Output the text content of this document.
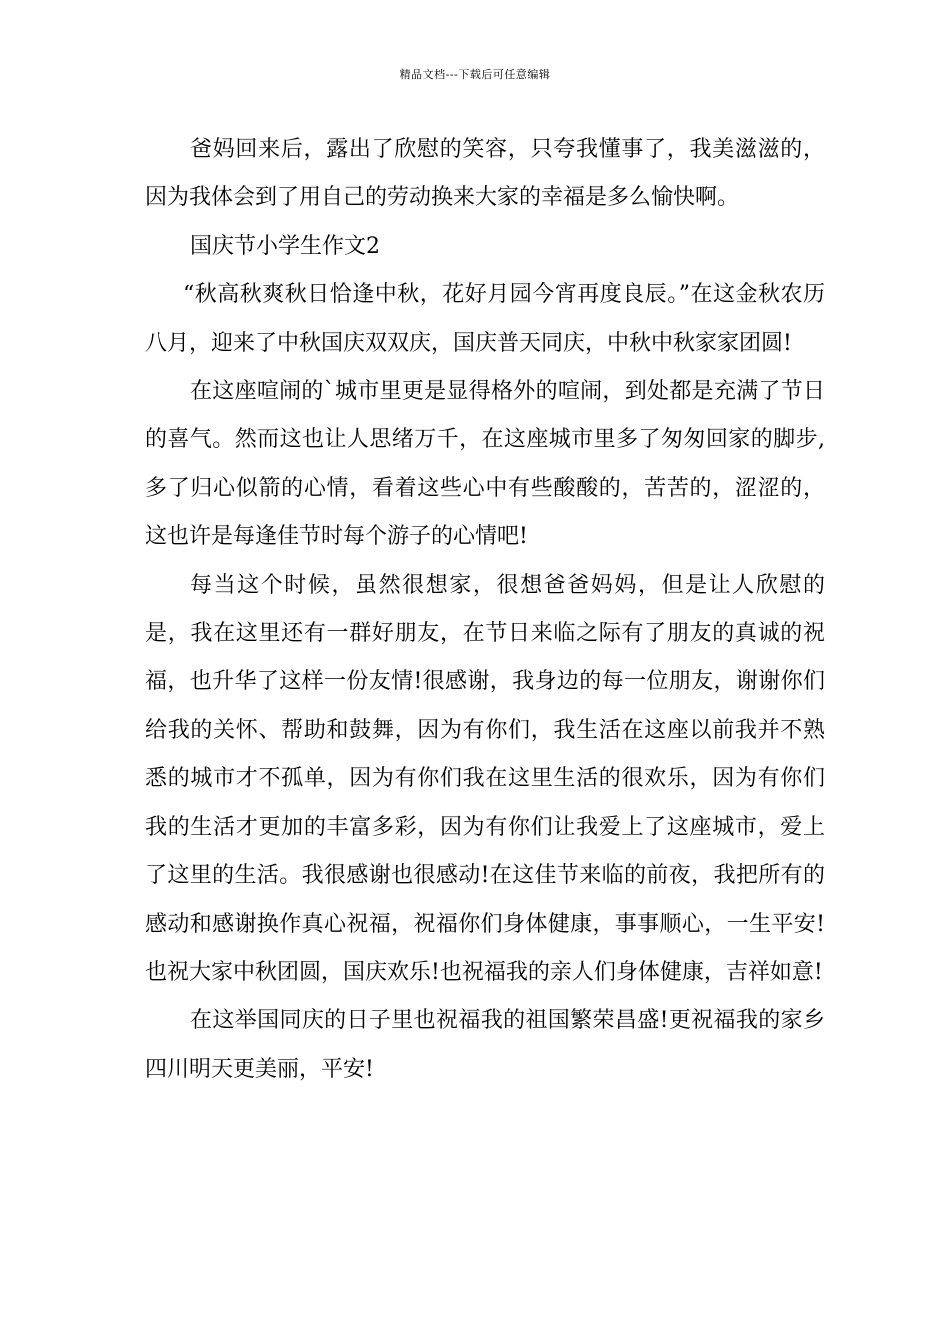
精品文档---下载后可任意编辑

爸妈回来后，露出了欣慰的笑容，只夸我懂事了，我美滋滋的，因为我体会到了用自己的劳动换来大家的幸福是多么愉快啊。

国庆节小学生作文2

“秋高秋爽秋日恰逢中秋，花好月园今宵再度良辰。”在这金秋农历八月，迎来了中秋国庆双双庆，国庆普天同庆，中秋中秋家家团圆!

在这座喧闹的`城市里更是显得格外的喧闹，到处都是充满了节日的喜气。然而这也让人思绪万千，在这座城市里多了匆匆回家的脚步,多了归心似箭的心情，看着这些心中有些酸酸的，苦苦的，涩涩的，这也许是每逢佳节时每个游子的心情吧!

每当这个时候，虽然很想家，很想爸爸妈妈，但是让人欣慰的是，我在这里还有一群好朋友，在节日来临之际有了朋友的真诚的祝福，也升华了这样一份友情!很感谢，我身边的每一位朋友，谢谢你们给我的关怀、帮助和鼓舞，因为有你们，我生活在这座以前我并不熟悉的城市才不孤单，因为有你们我在这里生活的很欢乐，因为有你们我的生活才更加的丰富多彩，因为有你们让我爱上了这座城市，爱上了这里的生活。我很感谢也很感动!在这佳节来临的前夜，我把所有的感动和感谢换作真心祝福，祝福你们身体健康，事事顺心，一生平安!也祝大家中秋团圆，国庆欢乐!也祝福我的亲人们身体健康，吉祥如意!

在这举国同庆的日子里也祝福我的祖国繁荣昌盛!更祝福我的家乡四川明天更美丽，平安!
